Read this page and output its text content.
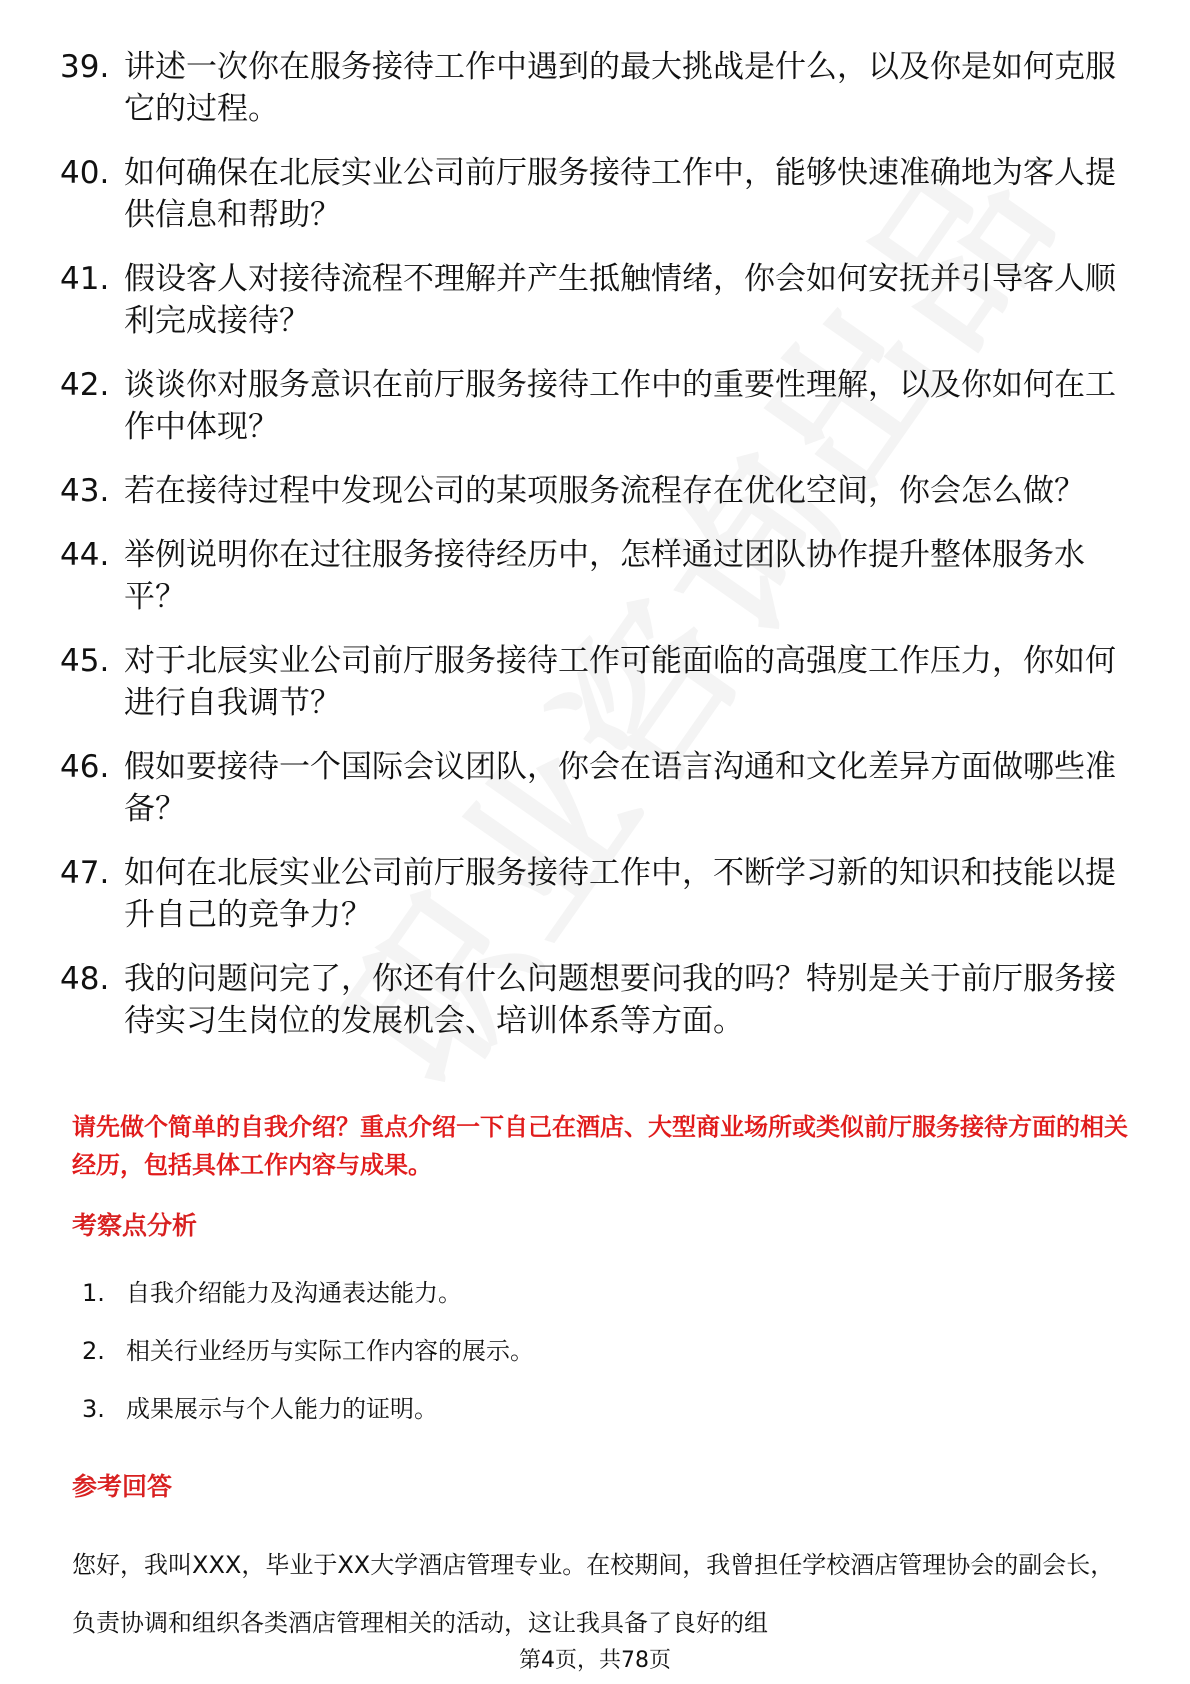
39. 讲述一次你在服务接待工作中遇到的最大挑战是什么，以及你是如何克服它的过程。
40. 如何确保在北辰实业公司前厅服务接待工作中，能够快速准确地为客人提供信息和帮助？
41. 假设客人对接待流程不理解并产生抵触情绪，你会如何安抚并引导客人顺利完成接待？
42. 谈谈你对服务意识在前厅服务接待工作中的重要性理解，以及你如何在工作中体现？
43. 若在接待过程中发现公司的某项服务流程存在优化空间，你会怎么做？
44. 举例说明你在过往服务接待经历中，怎样通过团队协作提升整体服务水平？
45. 对于北辰实业公司前厅服务接待工作可能面临的高强度工作压力，你如何进行自我调节？
46. 假如要接待一个国际会议团队，你会在语言沟通和文化差异方面做哪些准备？
47. 如何在北辰实业公司前厅服务接待工作中，不断学习新的知识和技能以提升自己的竞争力？
48. 我的问题问完了，你还有什么问题想要问我的吗？特别是关于前厅服务接待实习生岗位的发展机会、培训体系等方面。
请先做个简单的自我介绍？重点介绍一下自己在酒店、大型商业场所或类似前厅服务接待方面的相关经历，包括具体工作内容与成果。
考察点分析
1. 自我介绍能力及沟通表达能力。
2. 相关行业经历与实际工作内容的展示。
3. 成果展示与个人能力的证明。
参考回答
您好，我叫XXX，毕业于XX大学酒店管理专业。在校期间，我曾担任学校酒店管理协会的副会长，负责协调和组织各类酒店管理相关的活动，这让我具备了良好的组
第4页，共78页
